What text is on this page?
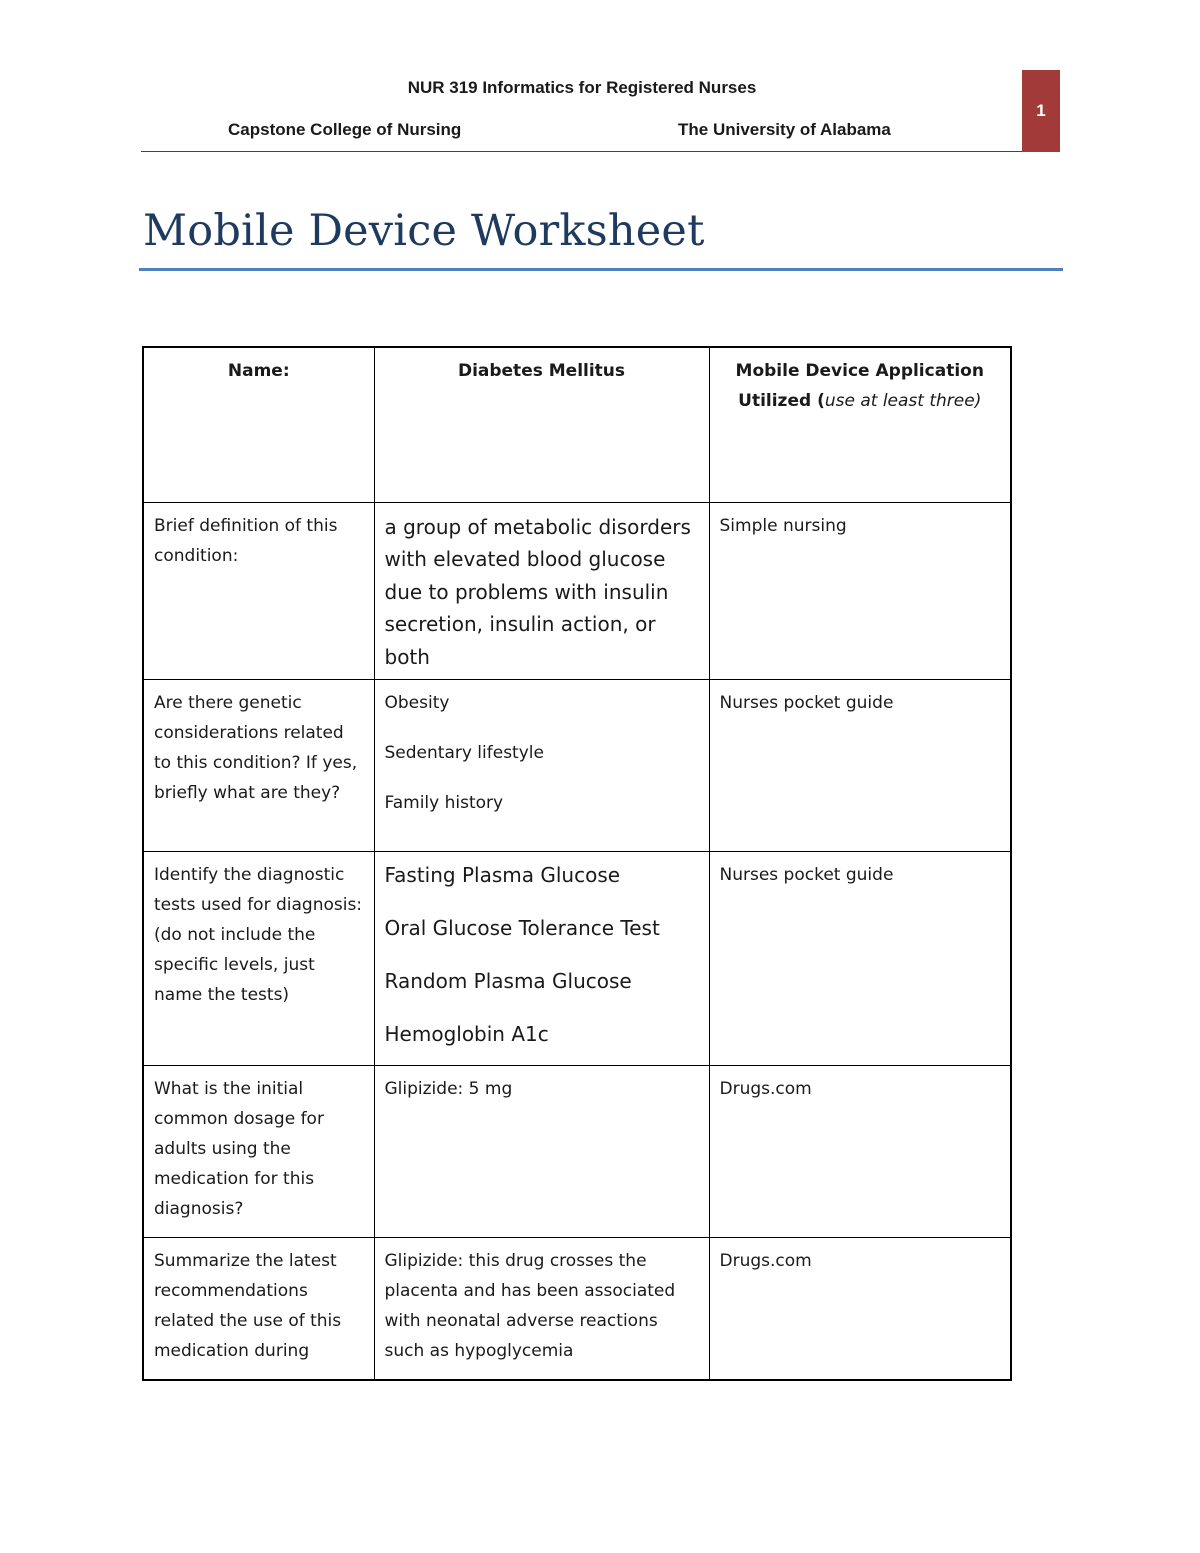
NUR 319 Informatics for Registered Nurses
Capstone College of Nursing	The University of Alabama
1
Mobile Device Worksheet
Name:	Diabetes Mellitus	Mobile Device Application
Utilized (use at least three)
Brief definition of this condition:	a group of metabolic disorders with elevated blood glucose due to problems with insulin secretion, insulin action, or both	Simple nursing
Are there genetic considerations related to this condition? If yes, briefly what are they?	Obesity

Sedentary lifestyle

Family history	Nurses pocket guide
Identify the diagnostic tests used for diagnosis: (do not include the specific levels, just name the tests)	Fasting Plasma Glucose

Oral Glucose Tolerance Test

Random Plasma Glucose

Hemoglobin A1c	Nurses pocket guide
What is the initial common dosage for adults using the medication for this diagnosis?	Glipizide: 5 mg	Drugs.com
Summarize the latest recommendations related the use of this medication during	Glipizide: this drug crosses the placenta and has been associated with neonatal adverse reactions such as hypoglycemia	Drugs.com
